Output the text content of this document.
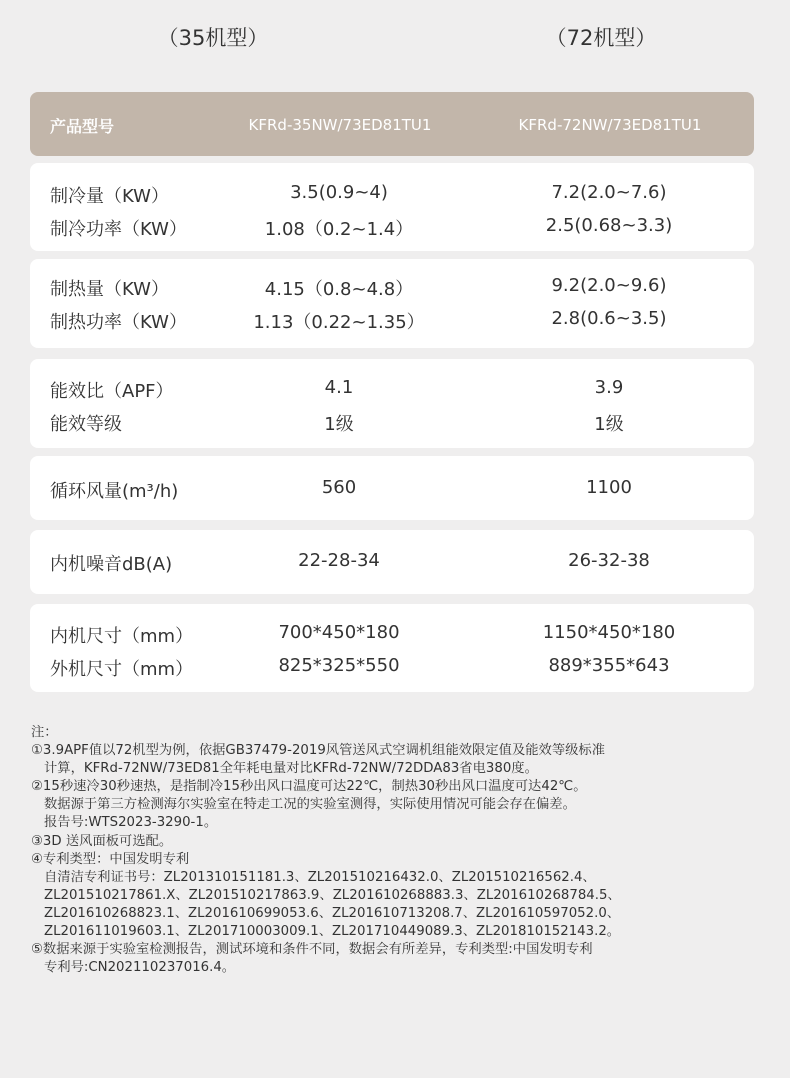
（35机型）	（72机型）
产品型号	KFRd-35NW/73ED81TU1	KFRd-72NW/73ED81TU1
制冷量（KW）	3.5(0.9~4)	7.2(2.0~7.6)
制冷功率（KW）	1.08（0.2~1.4）	2.5(0.68~3.3)
制热量（KW）	4.15（0.8~4.8）	9.2(2.0~9.6)
制热功率（KW）	1.13（0.22~1.35）	2.8(0.6~3.5)
能效比（APF）	4.1	3.9
能效等级	1级	1级
循环风量(m³/h)	560	1100
内机噪音dB(A)	22-28-34	26-32-38
内机尺寸（mm）	700*450*180	1150*450*180
外机尺寸（mm）	825*325*550	889*355*643
注：
①3.9APF值以72机型为例，依据GB37479-2019风管送风式空调机组能效限定值及能效等级标准
计算，KFRd-72NW/73ED81全年耗电量对比KFRd-72NW/72DDA83省电380度。
②15秒速冷30秒速热，是指制冷15秒出风口温度可达22℃，制热30秒出风口温度可达42℃。
数据源于第三方检测海尔实验室在特走工况的实验室测得，实际使用情况可能会存在偏差。
报告号:WTS2023-3290-1。
③3D 送风面板可选配。
④专利类型：中国发明专利
自清洁专利证书号：ZL201310151181.3、ZL201510216432.0、ZL201510216562.4、
ZL201510217861.X、ZL201510217863.9、ZL201610268883.3、ZL201610268784.5、
ZL201610268823.1、ZL201610699053.6、ZL201610713208.7、ZL201610597052.0、
ZL201611019603.1、ZL201710003009.1、ZL201710449089.3、ZL201810152143.2。
⑤数据来源于实验室检测报告，测试环境和条件不同，数据会有所差异，专利类型:中国发明专利
专利号:CN202110237016.4。
